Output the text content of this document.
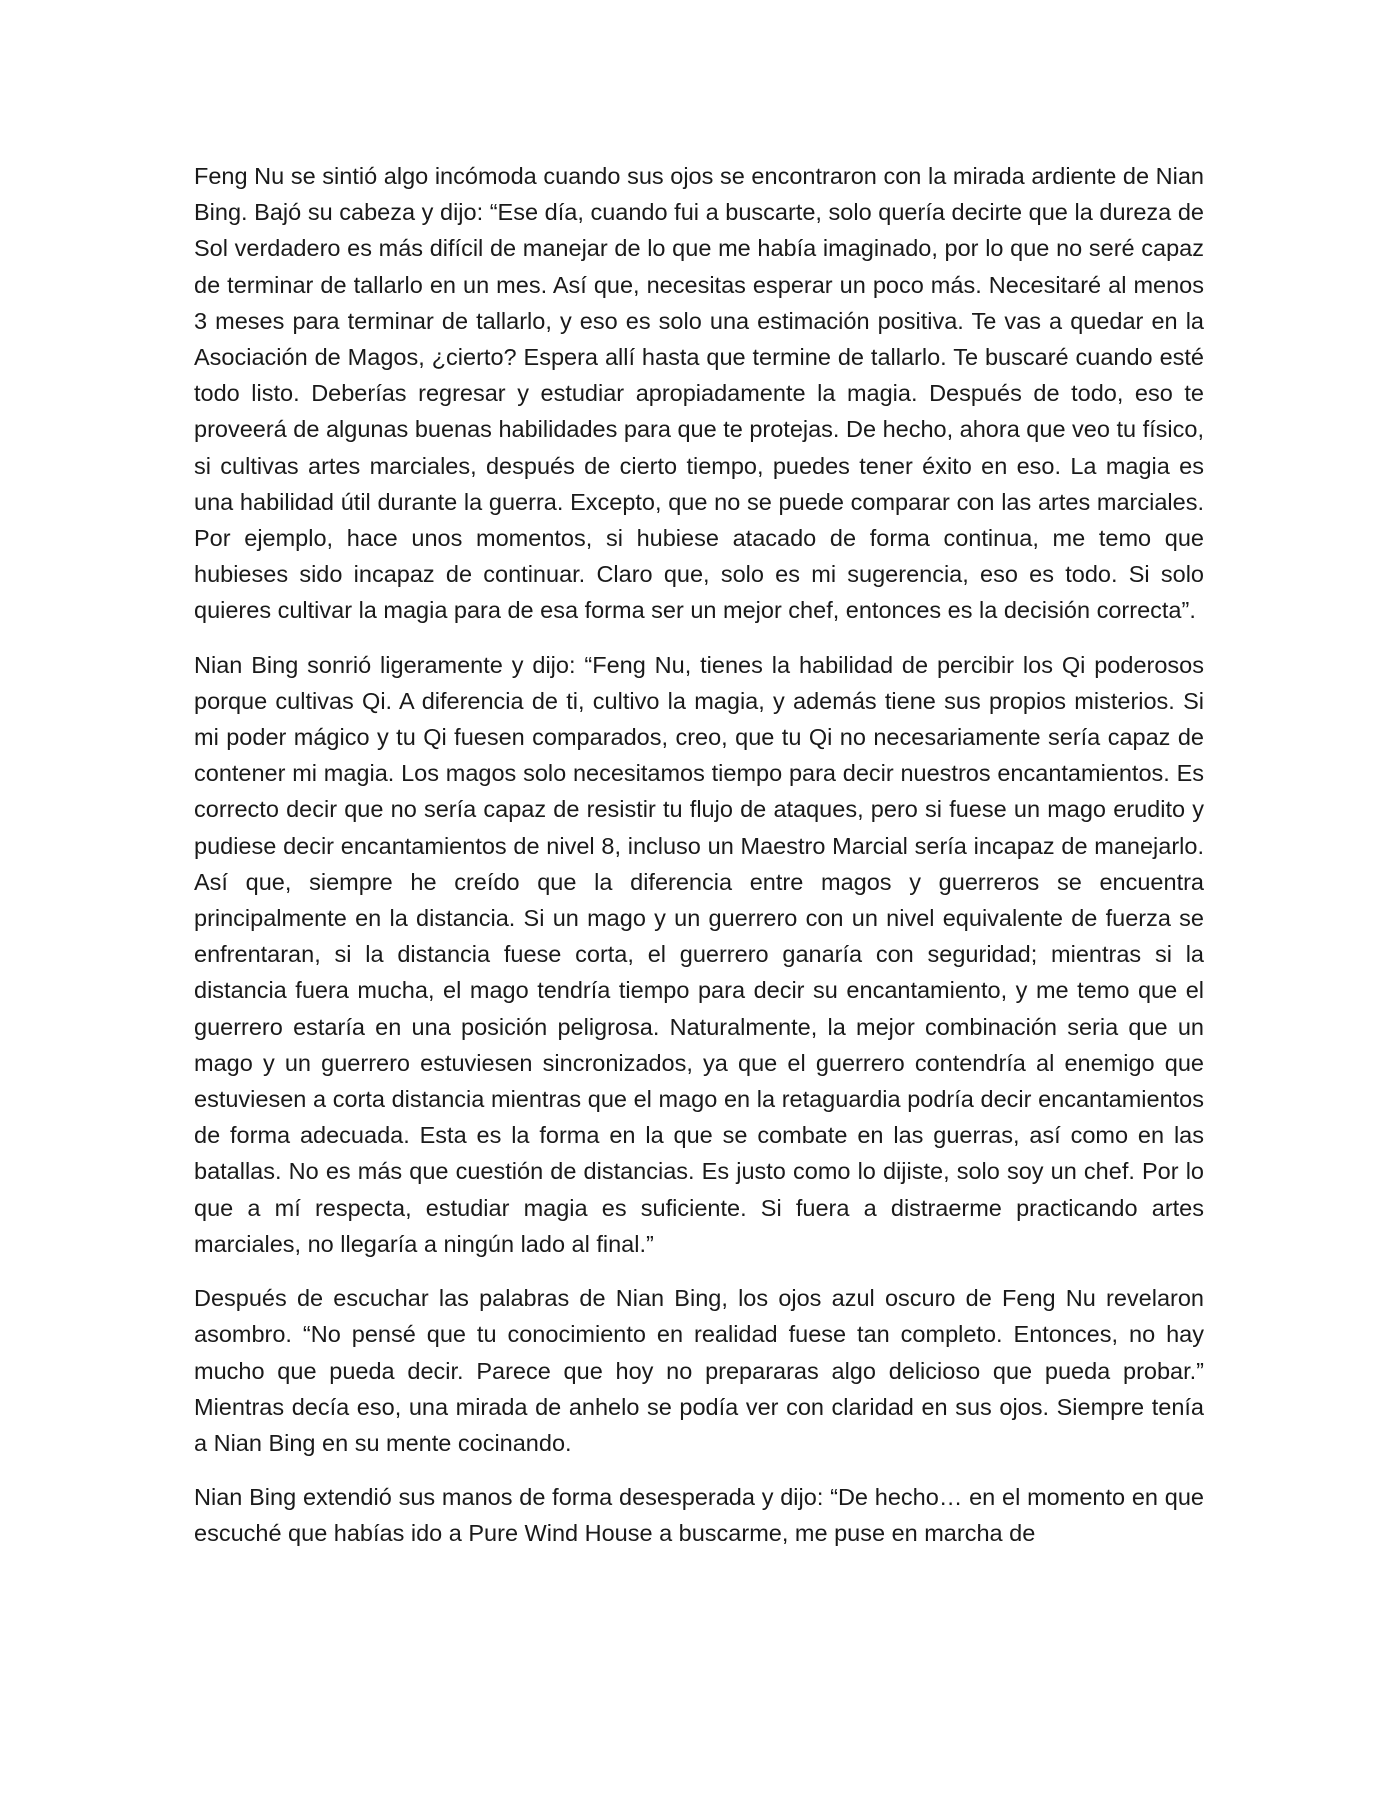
Feng Nu se sintió algo incómoda cuando sus ojos se encontraron con la mirada ardiente de Nian Bing. Bajó su cabeza y dijo: “Ese día, cuando fui a buscarte, solo quería decirte que la dureza de Sol verdadero es más difícil de manejar de lo que me había imaginado, por lo que no seré capaz de terminar de tallarlo en un mes. Así que, necesitas esperar un poco más. Necesitaré al menos 3 meses para terminar de tallarlo, y eso es solo una estimación positiva. Te vas a quedar en la Asociación de Magos, ¿cierto? Espera allí hasta que termine de tallarlo. Te buscaré cuando esté todo listo. Deberías regresar y estudiar apropiadamente la magia. Después de todo, eso te proveerá de algunas buenas habilidades para que te protejas. De hecho, ahora que veo tu físico, si cultivas artes marciales, después de cierto tiempo, puedes tener éxito en eso. La magia es una habilidad útil durante la guerra. Excepto, que no se puede comparar con las artes marciales. Por ejemplo, hace unos momentos, si hubiese atacado de forma continua, me temo que hubieses sido incapaz de continuar. Claro que, solo es mi sugerencia, eso es todo. Si solo quieres cultivar la magia para de esa forma ser un mejor chef, entonces es la decisión correcta”.

Nian Bing sonrió ligeramente y dijo: “Feng Nu, tienes la habilidad de percibir los Qi poderosos porque cultivas Qi. A diferencia de ti, cultivo la magia, y además tiene sus propios misterios. Si mi poder mágico y tu Qi fuesen comparados, creo, que tu Qi no necesariamente sería capaz de contener mi magia. Los magos solo necesitamos tiempo para decir nuestros encantamientos. Es correcto decir que no sería capaz de resistir tu flujo de ataques, pero si fuese un mago erudito y pudiese decir encantamientos de nivel 8, incluso un Maestro Marcial sería incapaz de manejarlo. Así que, siempre he creído que la diferencia entre magos y guerreros se encuentra principalmente en la distancia. Si un mago y un guerrero con un nivel equivalente de fuerza se enfrentaran, si la distancia fuese corta, el guerrero ganaría con seguridad; mientras si la distancia fuera mucha, el mago tendría tiempo para decir su encantamiento, y me temo que el guerrero estaría en una posición peligrosa. Naturalmente, la mejor combinación seria que un mago y un guerrero estuviesen sincronizados, ya que el guerrero contendría al enemigo que estuviesen a corta distancia mientras que el mago en la retaguardia podría decir encantamientos de forma adecuada. Esta es la forma en la que se combate en las guerras, así como en las batallas. No es más que cuestión de distancias. Es justo como lo dijiste, solo soy un chef. Por lo que a mí respecta, estudiar magia es suficiente. Si fuera a distraerme practicando artes marciales, no llegaría a ningún lado al final.”

Después de escuchar las palabras de Nian Bing, los ojos azul oscuro de Feng Nu revelaron asombro. “No pensé que tu conocimiento en realidad fuese tan completo. Entonces, no hay mucho que pueda decir. Parece que hoy no prepararas algo delicioso que pueda probar.” Mientras decía eso, una mirada de anhelo se podía ver con claridad en sus ojos. Siempre tenía a Nian Bing en su mente cocinando.

Nian Bing extendió sus manos de forma desesperada y dijo: “De hecho… en el momento en que escuché que habías ido a Pure Wind House a buscarme, me puse en marcha de
